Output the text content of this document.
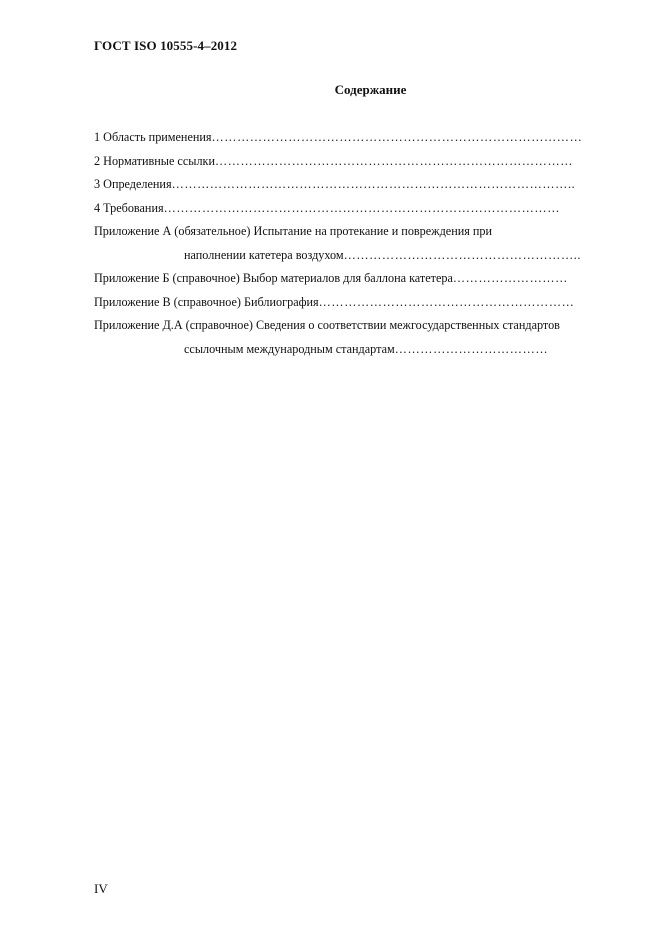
ГОСТ ISO 10555-4–2012
Содержание
1 Область применения……………………………………………………………………………
2 Нормативные ссылки…………………………………………………………………………
3 Определения…………………………………………………………………………………..
4 Требования…………………………………………………………………………………
Приложение А (обязательное) Испытание на протекание и повреждения при
наполнении катетера воздухом………………………………………………..
Приложение Б (справочное) Выбор материалов для баллона катетера………………………
Приложение В (справочное) Библиография……………………………………………………
Приложение Д.А (справочное) Сведения о соответствии межгосударственных стандартов
ссылочным международным стандартам………………………………
IV
